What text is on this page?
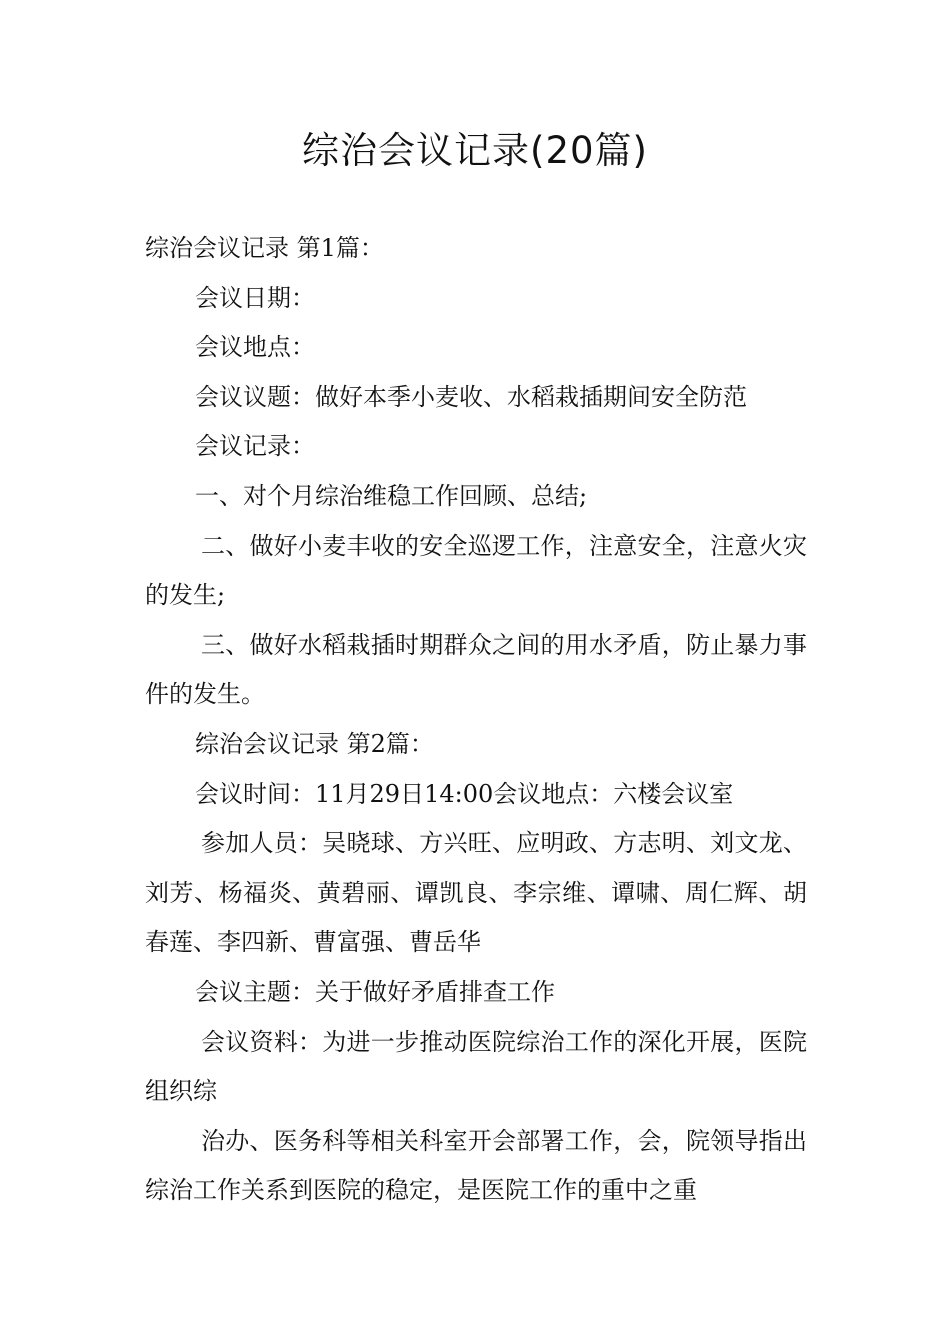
综治会议记录(20篇)

综治会议记录 第1篇：

会议日期：

会议地点：

会议议题：做好本季小麦收、水稻栽插期间安全防范

会议记录：

一、对个月综治维稳工作回顾、总结;

二、做好小麦丰收的安全巡逻工作，注意安全，注意火灾的发生;

三、做好水稻栽插时期群众之间的用水矛盾，防止暴力事件的发生。

综治会议记录 第2篇：

会议时间：11月29日14:00会议地点：六楼会议室

参加人员：吴晓球、方兴旺、应明政、方志明、刘文龙、刘芳、杨福炎、黄碧丽、谭凯良、李宗维、谭啸、周仁辉、胡春莲、李四新、曹富强、曹岳华

会议主题：关于做好矛盾排查工作

会议资料：为进一步推动医院综治工作的深化开展，医院组织综

治办、医务科等相关科室开会部署工作，会，院领导指出综治工作关系到医院的稳定，是医院工作的重中之重
